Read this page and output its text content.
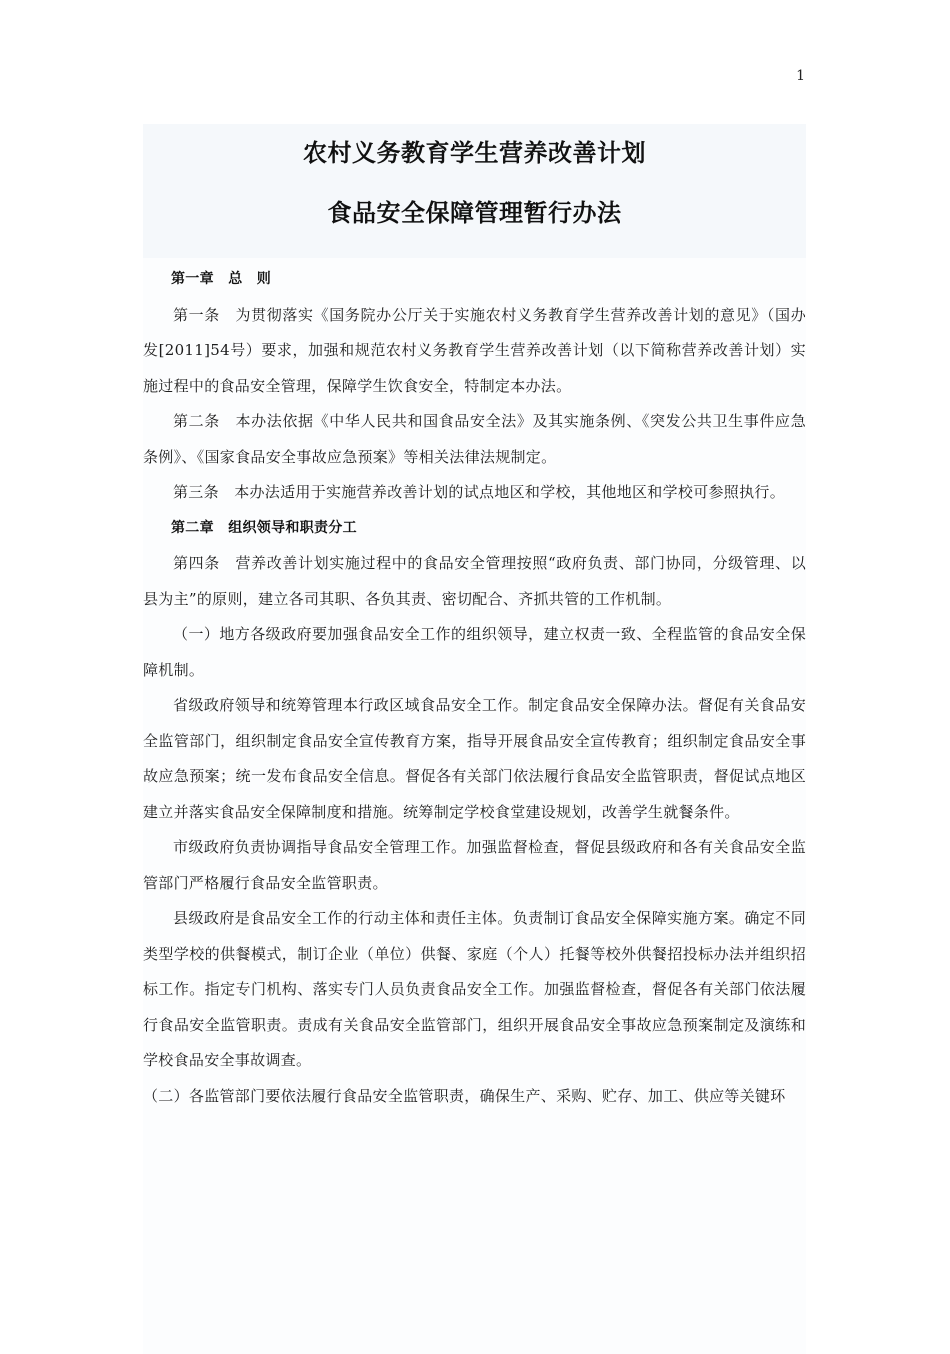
1
农村义务教育学生营养改善计划
食品安全保障管理暂行办法

第一章　总　则

第一条　为贯彻落实《国务院办公厅关于实施农村义务教育学生营养改善计划的意见》（国办发[2011]54号）要求，加强和规范农村义务教育学生营养改善计划（以下简称营养改善计划）实施过程中的食品安全管理，保障学生饮食安全，特制定本办法。

第二条　本办法依据《中华人民共和国食品安全法》及其实施条例、《突发公共卫生事件应急条例》、《国家食品安全事故应急预案》等相关法律法规制定。

第三条　本办法适用于实施营养改善计划的试点地区和学校，其他地区和学校可参照执行。

第二章　组织领导和职责分工

第四条　营养改善计划实施过程中的食品安全管理按照“政府负责、部门协同，分级管理、以县为主”的原则，建立各司其职、各负其责、密切配合、齐抓共管的工作机制。

（一）地方各级政府要加强食品安全工作的组织领导，建立权责一致、全程监管的食品安全保障机制。

省级政府领导和统筹管理本行政区域食品安全工作。制定食品安全保障办法。督促有关食品安全监管部门，组织制定食品安全宣传教育方案，指导开展食品安全宣传教育；组织制定食品安全事故应急预案；统一发布食品安全信息。督促各有关部门依法履行食品安全监管职责，督促试点地区建立并落实食品安全保障制度和措施。统筹制定学校食堂建设规划，改善学生就餐条件。

市级政府负责协调指导食品安全管理工作。加强监督检查，督促县级政府和各有关食品安全监管部门严格履行食品安全监管职责。

县级政府是食品安全工作的行动主体和责任主体。负责制订食品安全保障实施方案。确定不同类型学校的供餐模式，制订企业（单位）供餐、家庭（个人）托餐等校外供餐招投标办法并组织招标工作。指定专门机构、落实专门人员负责食品安全工作。加强监督检查，督促各有关部门依法履行食品安全监管职责。责成有关食品安全监管部门，组织开展食品安全事故应急预案制定及演练和学校食品安全事故调查。

（二）各监管部门要依法履行食品安全监管职责，确保生产、采购、贮存、加工、供应等关键环
